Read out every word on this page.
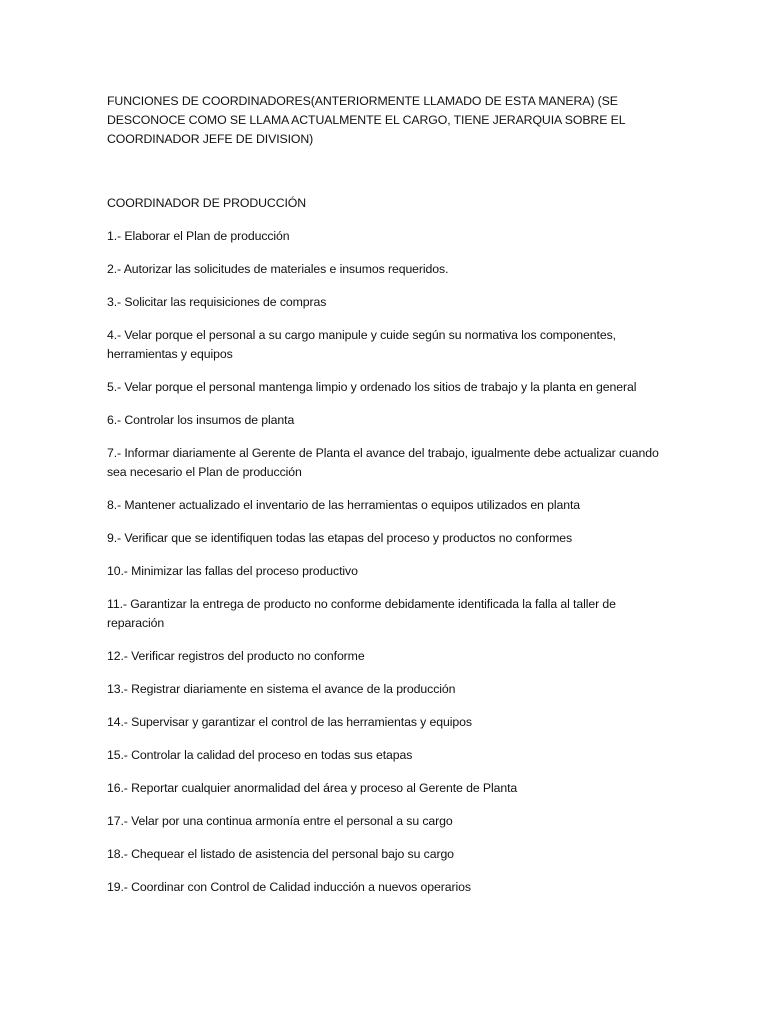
FUNCIONES DE COORDINADORES(ANTERIORMENTE LLAMADO DE ESTA MANERA) (SE DESCONOCE COMO SE LLAMA ACTUALMENTE EL CARGO, TIENE JERARQUIA SOBRE EL COORDINADOR JEFE DE DIVISION)

COORDINADOR DE PRODUCCIÓN

1.- Elaborar el Plan de producción
2.- Autorizar las solicitudes de materiales e insumos requeridos.
3.- Solicitar las requisiciones de compras
4.- Velar porque el personal a su cargo manipule y cuide según su normativa los componentes, herramientas y equipos
5.- Velar porque el personal mantenga limpio y ordenado los sitios de trabajo y la planta en general
6.- Controlar los insumos de planta
7.- Informar diariamente al Gerente de Planta el avance del trabajo, igualmente debe actualizar cuando sea necesario el Plan de producción
8.- Mantener actualizado el inventario de las herramientas o equipos utilizados en planta
9.- Verificar que se identifiquen todas las etapas del proceso y productos no conformes
10.- Minimizar las fallas del proceso productivo
11.- Garantizar la entrega de producto no conforme debidamente identificada la falla al taller de reparación
12.- Verificar registros del producto no conforme
13.- Registrar diariamente en sistema el avance de la producción
14.- Supervisar y garantizar el control de las herramientas y equipos
15.- Controlar la calidad del proceso en todas sus etapas
16.- Reportar cualquier anormalidad del área y proceso al Gerente de Planta
17.- Velar por una continua armonía entre el personal a su cargo
18.- Chequear el listado de asistencia del personal bajo su cargo
19.- Coordinar con Control de Calidad inducción a nuevos operarios
